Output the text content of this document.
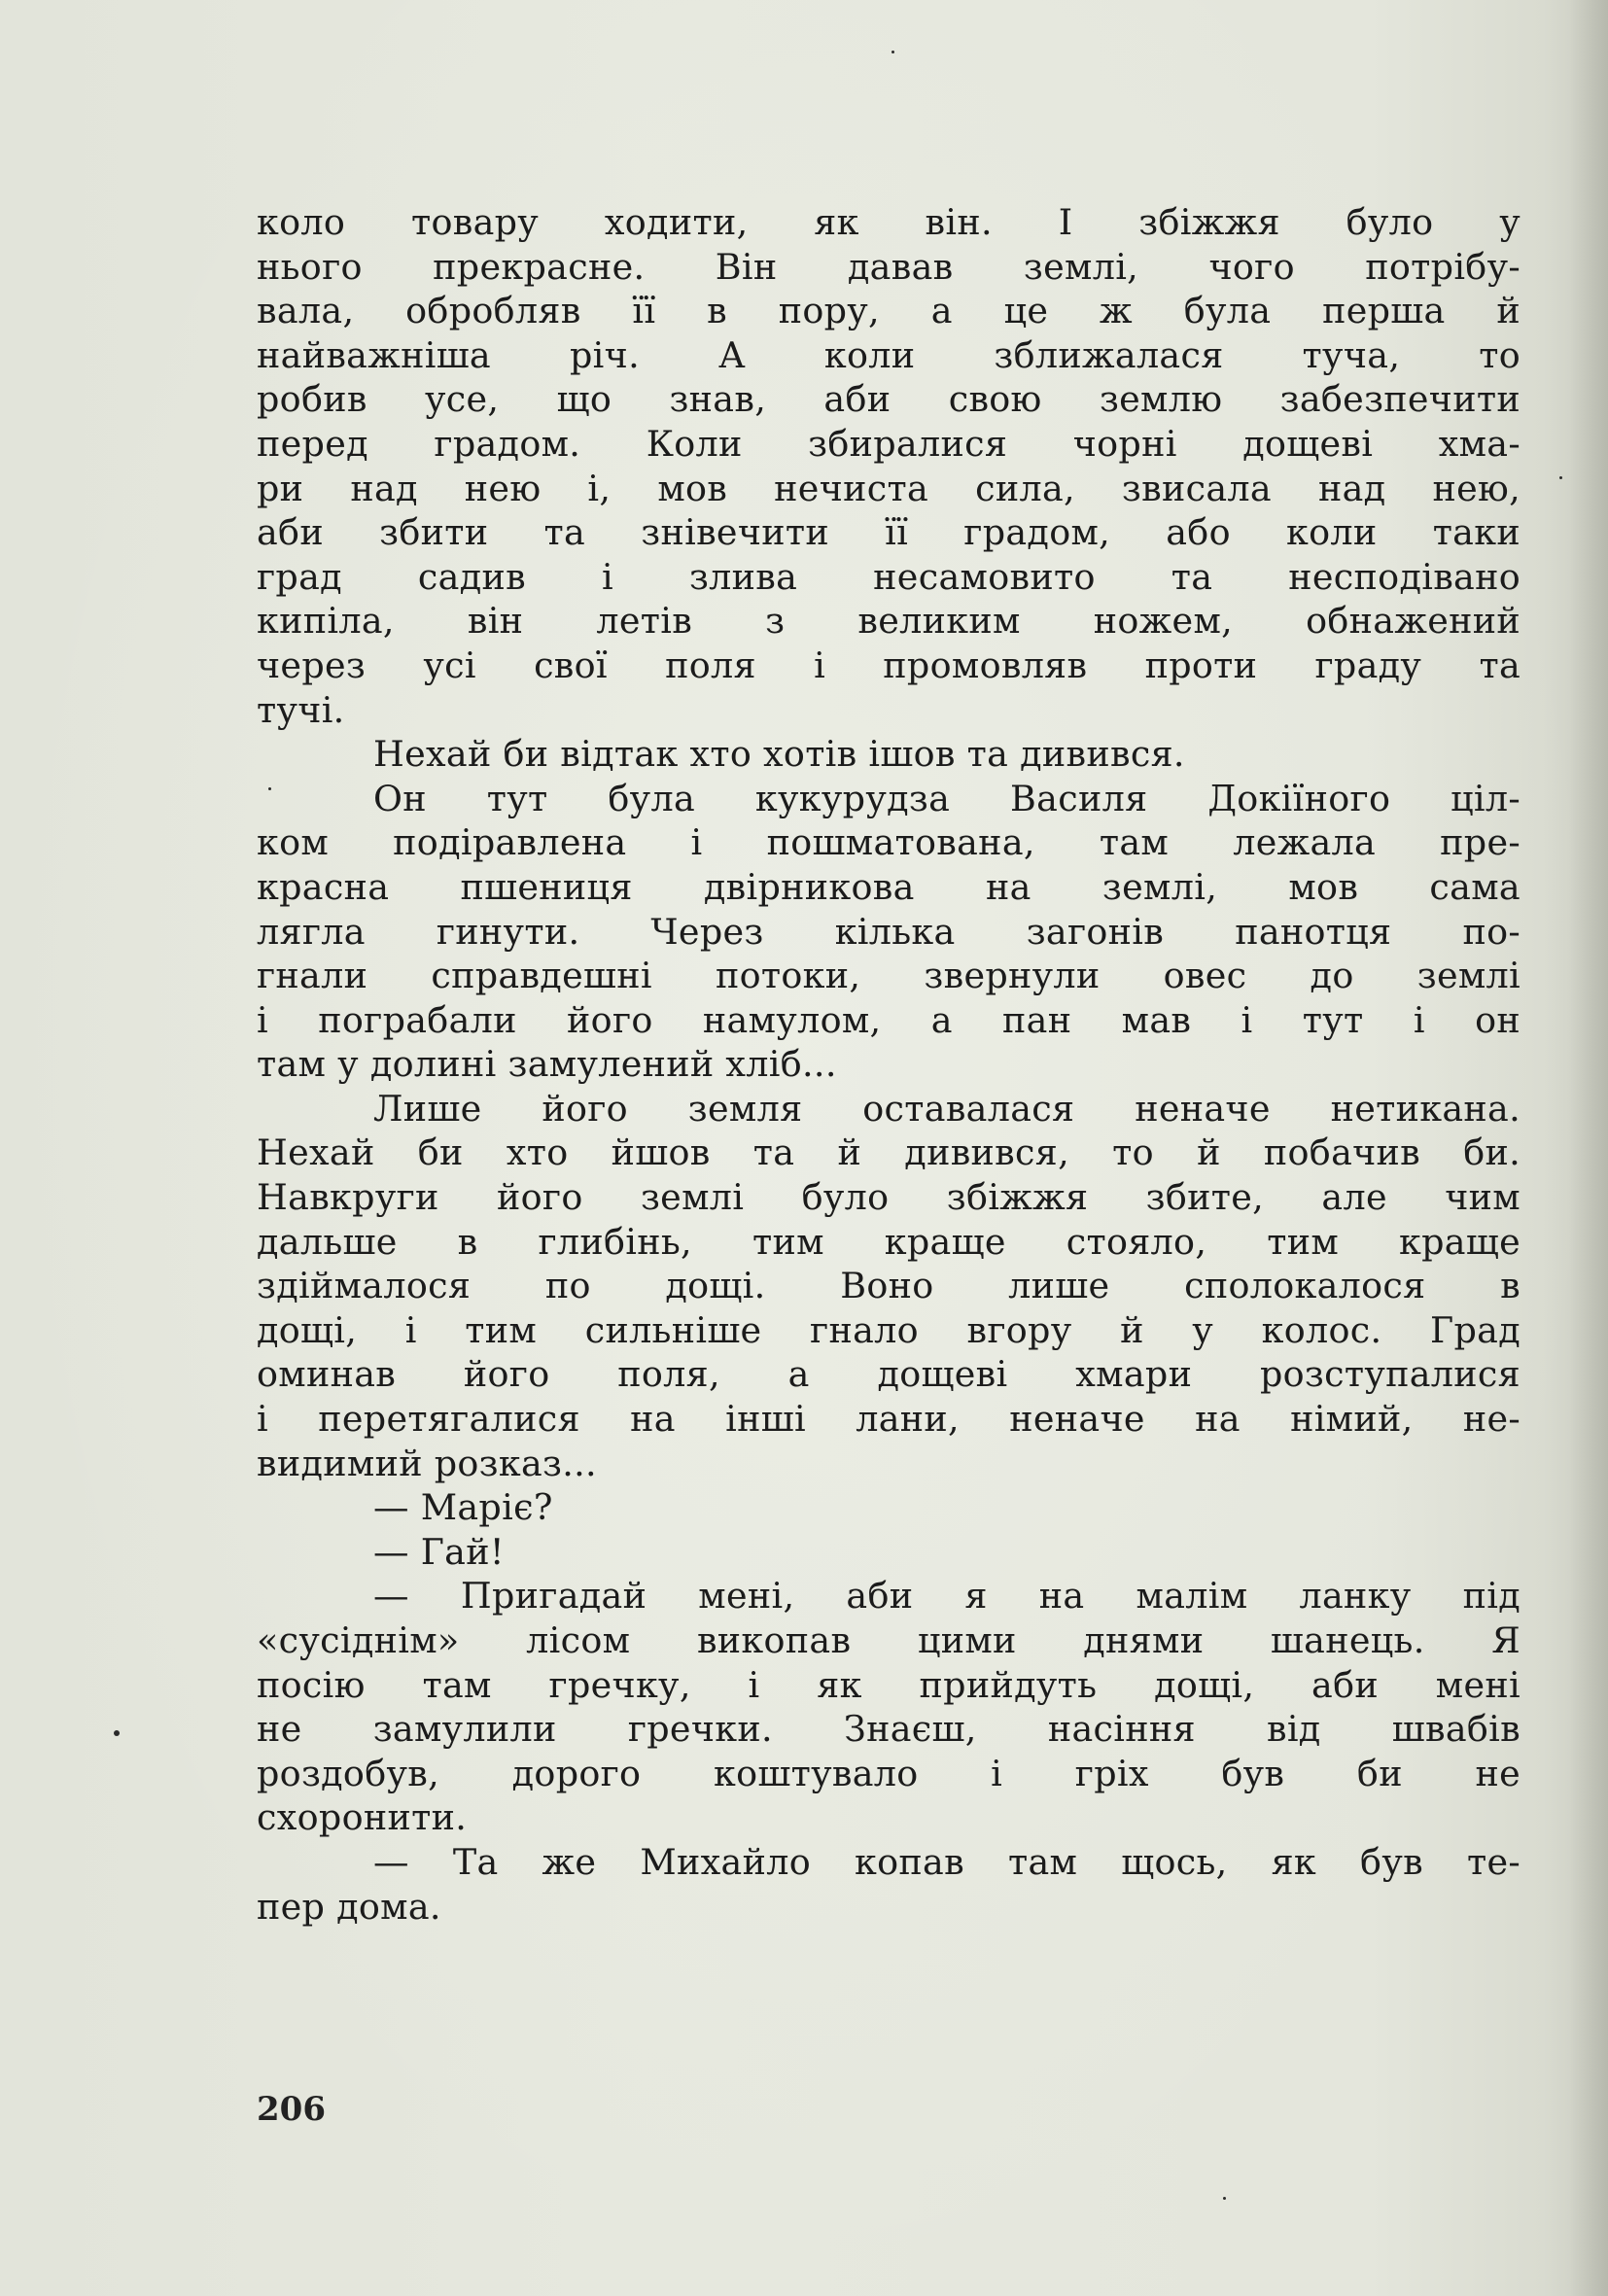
коло товару ходити, як він. І збіжжя було у
нього прекрасне. Він давав землі, чого потрібу-
вала, обробляв її в пору, а це ж була перша й
найважніша річ. А коли зближалася туча, то
робив усе, що знав, аби свою землю забезпечити
перед градом. Коли збиралися чорні дощеві хма-
ри над нею і, мов нечиста сила, звисала над нею,
аби збити та знівечити її градом, або коли таки
град садив і злива несамовито та несподівано
кипіла, він летів з великим ножем, обнажений
через усі свої поля і промовляв проти граду та
тучі.
Нехай би відтак хто хотів ішов та дивився.
Он тут була кукурудза Василя Докіїного ціл-
ком подіравлена і пошматована, там лежала пре-
красна пшениця двірникова на землі, мов сама
лягла гинути. Через кілька загонів панотця по-
гнали справдешні потоки, звернули овес до землі
і пограбали його намулом, а пан мав і тут і он
там у долині замулений хліб...
Лише його земля оставалася неначе нетикана.
Нехай би хто йшов та й дивився, то й побачив би.
Навкруги його землі було збіжжя збите, але чим
дальше в глибінь, тим краще стояло, тим краще
здіймалося по дощі. Воно лише сполокалося в
дощі, і тим сильніше гнало вгору й у колос. Град
оминав його поля, а дощеві хмари розступалися
і перетягалися на інші лани, неначе на німий, не-
видимий розказ...
— Маріє?
— Гай!
— Пригадай мені, аби я на малім ланку під
«сусіднім» лісом викопав цими днями шанець. Я
посію там гречку, і як прийдуть дощі, аби мені
не замулили гречки. Знаєш, насіння від швабів
роздобув, дорого коштувало і гріх був би не
схоронити.
— Та же Михайло копав там щось, як був те-
пер дома.
206
